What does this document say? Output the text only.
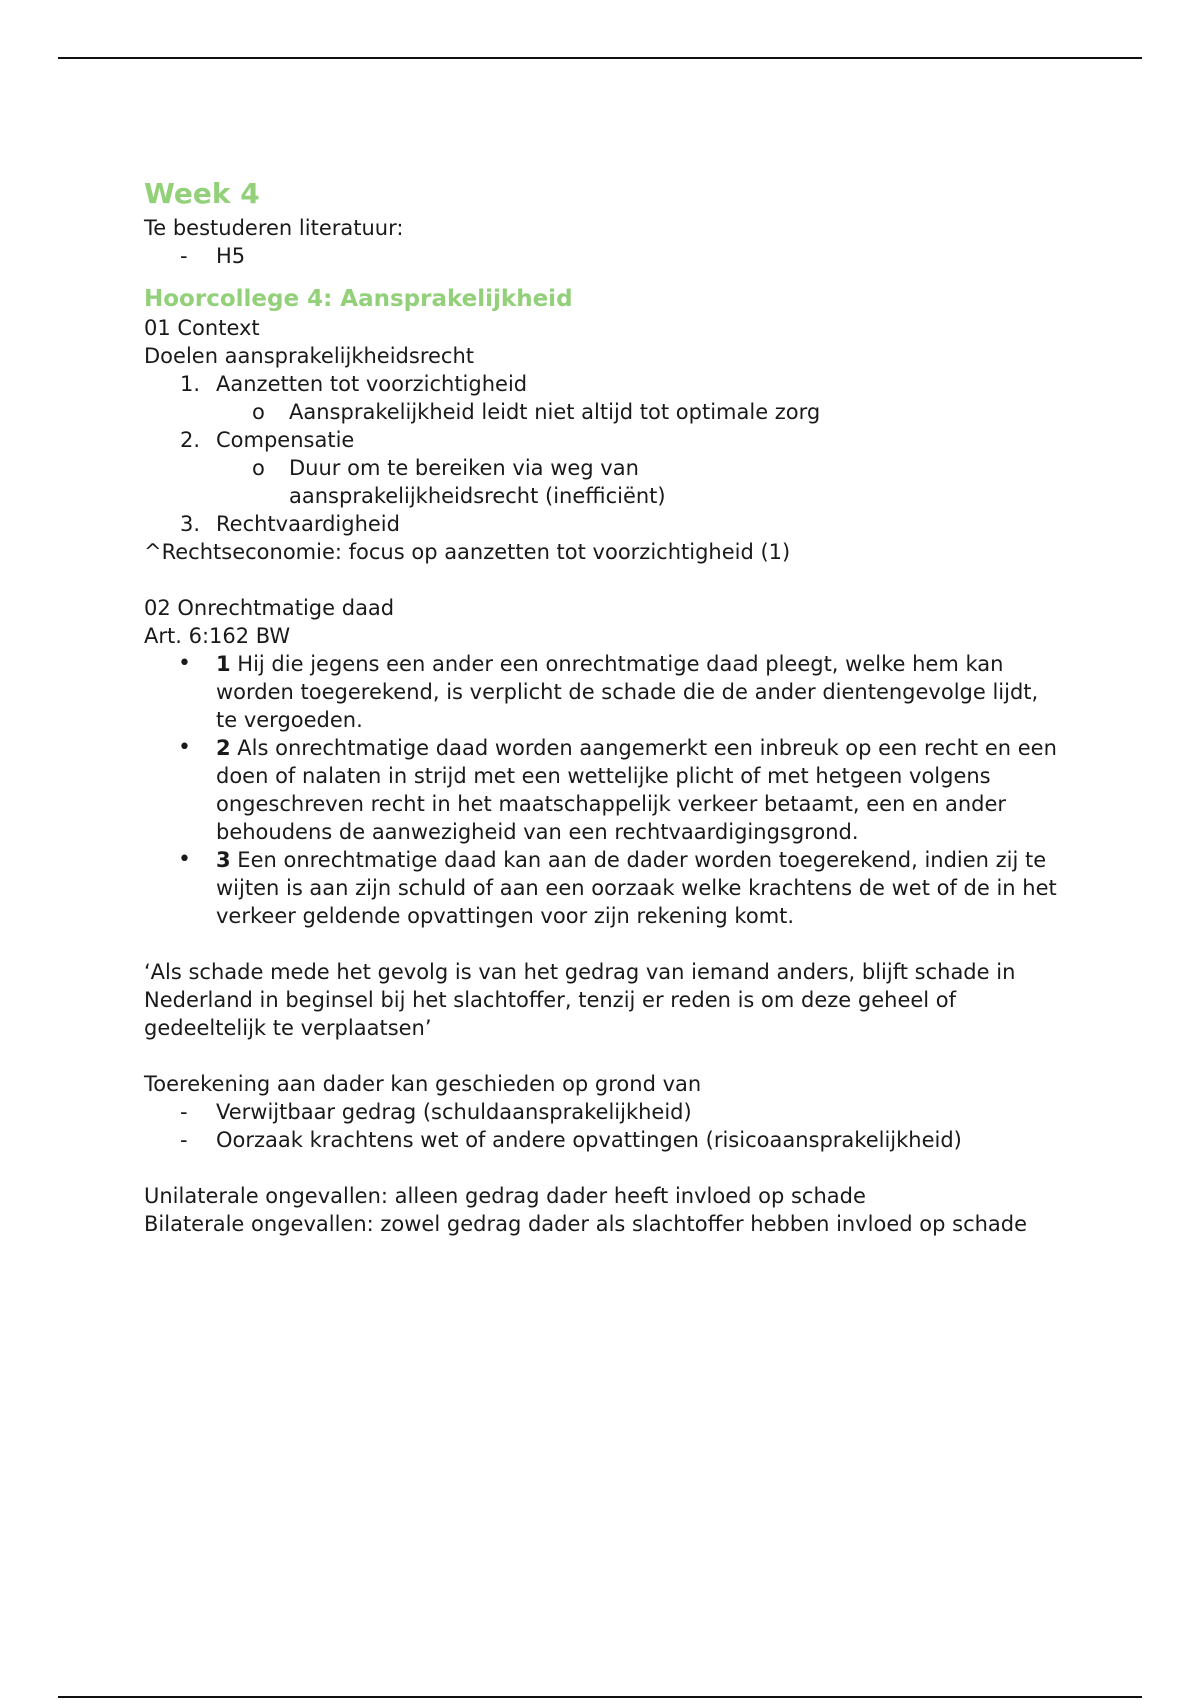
Week 4
Te bestuderen literatuur:
- H5
Hoorcollege 4: Aansprakelijkheid
01 Context
Doelen aansprakelijkheidsrecht
1. Aanzetten tot voorzichtigheid
o Aansprakelijkheid leidt niet altijd tot optimale zorg
2. Compensatie
o Duur om te bereiken via weg van aansprakelijkheidsrecht (inefficiënt)
3. Rechtvaardigheid
^Rechtseconomie: focus op aanzetten tot voorzichtigheid (1)
02 Onrechtmatige daad
Art. 6:162 BW
• 1 Hij die jegens een ander een onrechtmatige daad pleegt, welke hem kan worden toegerekend, is verplicht de schade die de ander dientengevolge lijdt, te vergoeden.
• 2 Als onrechtmatige daad worden aangemerkt een inbreuk op een recht en een doen of nalaten in strijd met een wettelijke plicht of met hetgeen volgens ongeschreven recht in het maatschappelijk verkeer betaamt, een en ander behoudens de aanwezigheid van een rechtvaardigingsgrond.
• 3 Een onrechtmatige daad kan aan de dader worden toegerekend, indien zij te wijten is aan zijn schuld of aan een oorzaak welke krachtens de wet of de in het verkeer geldende opvattingen voor zijn rekening komt.
‘Als schade mede het gevolg is van het gedrag van iemand anders, blijft schade in Nederland in beginsel bij het slachtoffer, tenzij er reden is om deze geheel of gedeeltelijk te verplaatsen’
Toerekening aan dader kan geschieden op grond van
- Verwijtbaar gedrag (schuldaansprakelijkheid)
- Oorzaak krachtens wet of andere opvattingen (risicoaansprakelijkheid)
Unilaterale ongevallen: alleen gedrag dader heeft invloed op schade
Bilaterale ongevallen: zowel gedrag dader als slachtoffer hebben invloed op schade
